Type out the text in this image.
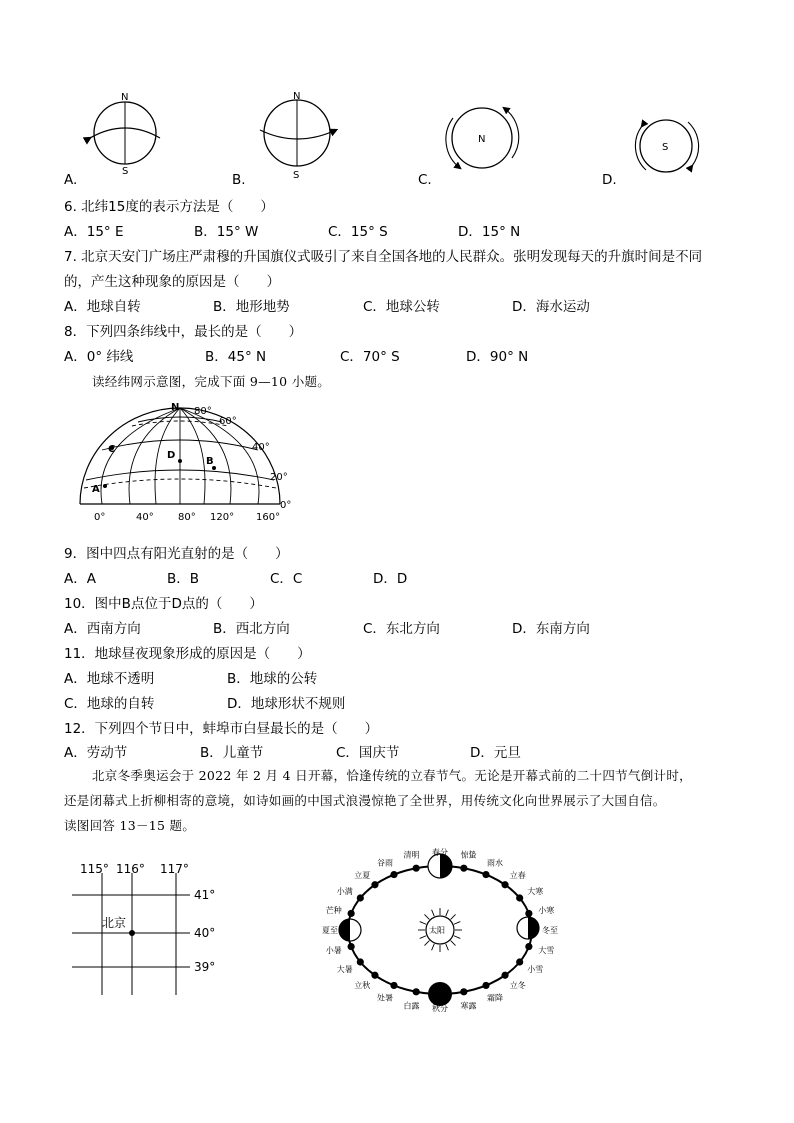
N
S
N
S
N
S
A.	B.	C.	D.
6. 北纬15度的表示方法是（　　）
A．15° E	B．15° W	C．15° S	D．15° N
7. 北京天安门广场庄严肃穆的升国旗仪式吸引了来自全国各地的人民群众。张明发现每天的升旗时间是不同
的，产生这种现象的原因是（　　）
A．地球自转	B．地形地势	C．地球公转	D．海水运动
8．下列四条纬线中，最长的是（　　）
A．0° 纬线	B．45° N	C．70° S	D．90° N
读经纬网示意图，完成下面 9—10 小题。
N 80°
60°
40°
20°
0°
0°	40° 80° 120° 160°
A
B
C
D
9．图中四点有阳光直射的是（　　）
A．A	B．B	C．C	D．D
10．图中B点位于D点的（　　）
A．西南方向	B．西北方向	C．东北方向	D．东南方向
11．地球昼夜现象形成的原因是（　　）
A．地球不透明	B．地球的公转
C．地球的自转	D．地球形状不规则
12．下列四个节日中，蚌埠市白昼最长的是（　　）
A．劳动节	B．儿童节	C．国庆节	D．元旦
北京冬季奥运会于 2022 年 2 月 4 日开幕，恰逢传统的立春节气。无论是开幕式前的二十四节气倒计时，
还是闭幕式上折柳相寄的意境，如诗如画的中国式浪漫惊艳了全世界，用传统文化向世界展示了大国自信。
读图回答 13－15 题。
115° 116° 117°
41°
40°
39°
北京
太阳
春分 惊蛰
雨水
立春
大寒
小寒
冬至
大雪
小雪
立冬
霜降
寒露
秋分
白露
处暑
立秋
大暑
小暑
夏至
芒种
小满
立夏
谷雨
清明
